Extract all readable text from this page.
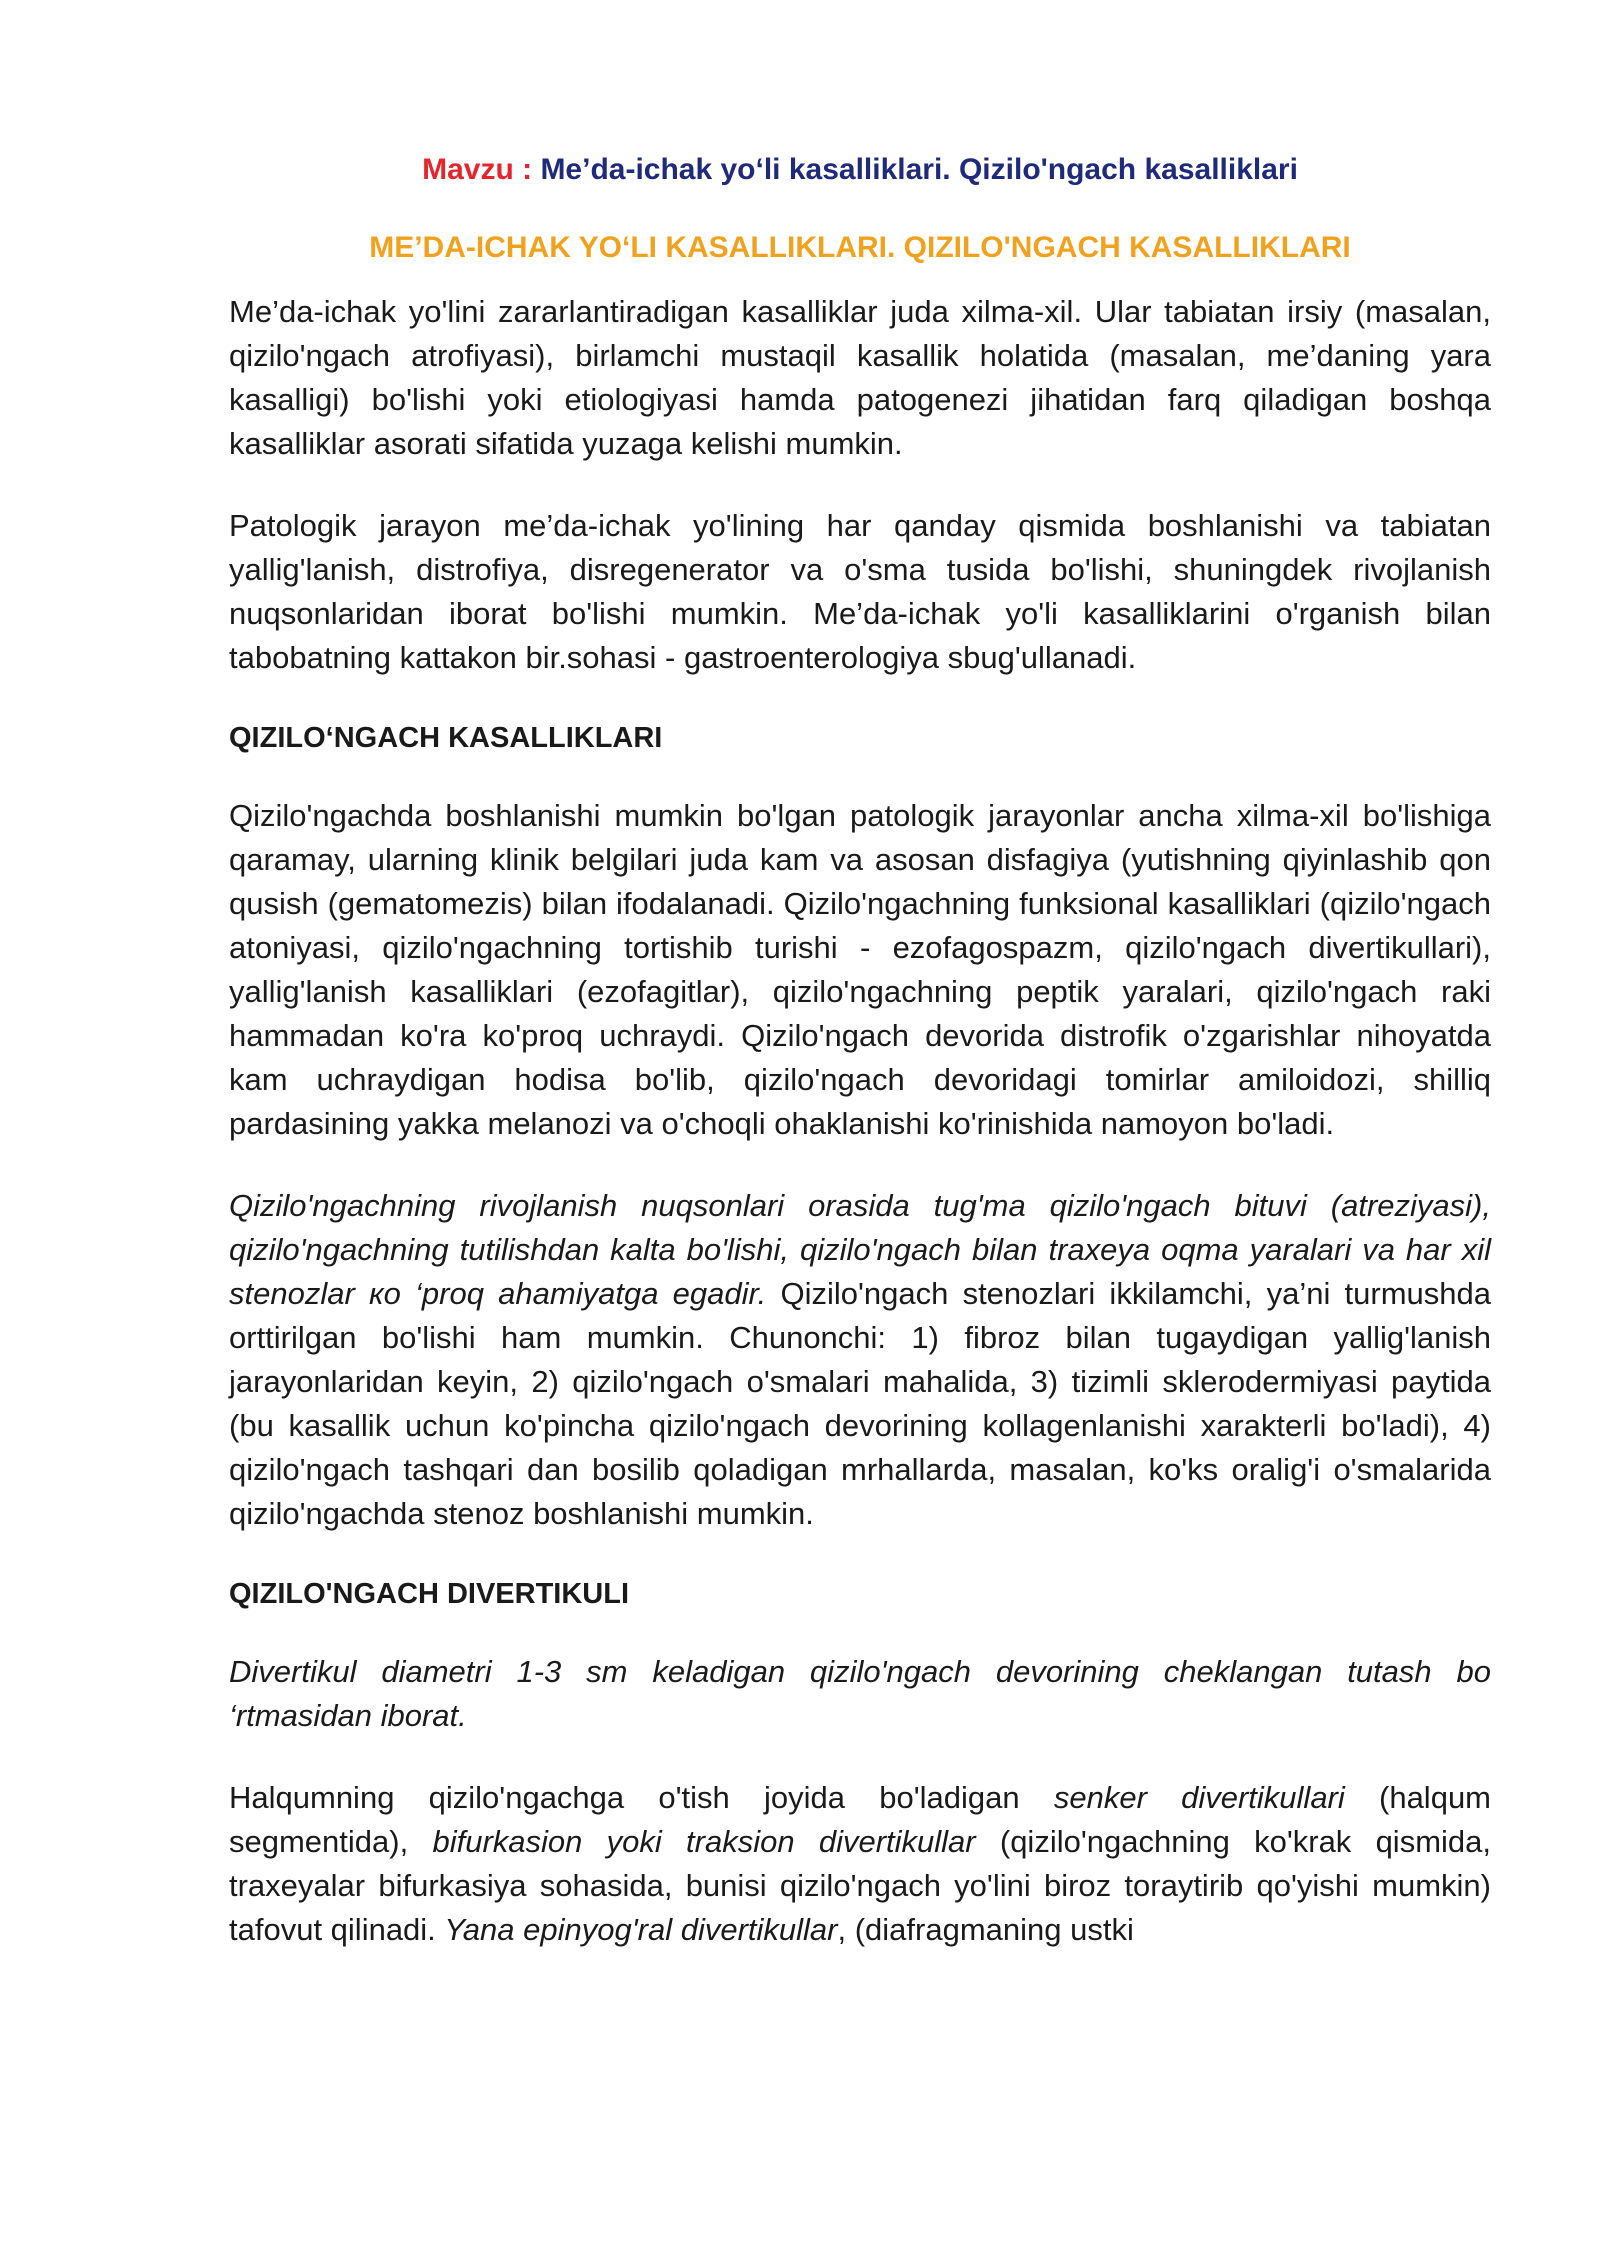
Mavzu : Me’da-ichak yo‘li kasalliklari. Qizilo'ngach kasalliklari

ME’DA-ICHAK YO‘LI KASALLIKLARI. QIZILO'NGACH KASALLIKLARI

Me’da-ichak yo'lini zararlantiradigan kasalliklar juda xilma-xil. Ular tabiatan irsiy (masalan, qizilo'ngach atrofiyasi), birlamchi mustaqil kasallik holatida (masalan, me’daning yara kasalligi) bo'lishi yoki etiologiyasi hamda patogenezi jihatidan farq qiladigan boshqa kasalliklar asorati sifatida yuzaga kelishi mumkin.

Patologik jarayon me’da-ichak yo'lining har qanday qismida boshlanishi va tabiatan yallig'lanish, distrofiya, disregenerator va o'sma tusida bo'lishi, shuningdek rivojlanish nuqsonlaridan iborat bo'lishi mumkin. Me’da-ichak yo'li kasalliklarini o'rganish bilan tabobatning kattakon bir.sohasi - gastroenterologiya sbug'ullanadi.

QIZILO‘NGACH KASALLIKLARI

Qizilo'ngachda boshlanishi mumkin bo'lgan patologik jarayonlar ancha xilma-xil bo'lishiga qaramay, ularning klinik belgilari juda kam va asosan disfagiya (yutishning qiyinlashib qon qusish (gematomezis) bilan ifodalanadi. Qizilo'ngachning funksional kasalliklari (qizilo'ngach atoniyasi, qizilo'ngachning tortishib turishi - ezofagospazm, qizilo'ngach divertikullari), yallig'lanish kasalliklari (ezofagitlar), qizilo'ngachning peptik yaralari, qizilo'ngach raki hammadan ko'ra ko'proq uchraydi. Qizilo'ngach devorida distrofik o'zgarishlar nihoyatda kam uchraydigan hodisa bo'lib, qizilo'ngach devoridagi tomirlar amiloidozi, shilliq pardasining yakka melanozi va o'choqli ohaklanishi ko'rinishida namoyon bo'ladi.

Qizilo'ngachning rivojlanish nuqsonlari orasida tug'ma qizilo'ngach bituvi (atreziyasi), qizilo'ngachning tutilishdan kalta bo'lishi, qizilo'ngach bilan traxeya oqma yaralari va har xil stenozlar ко ‘proq ahamiyatga egadir. Qizilo'ngach stenozlari ikkilamchi, ya’ni turmushda orttirilgan bo'lishi ham mumkin. Chunonchi: 1) fibroz bilan tugaydigan yallig'lanish jarayonlaridan keyin, 2) qizilo'ngach o'smalari mahalida, 3) tizimli sklerodermiyasi paytida (bu kasallik uchun ko'pincha qizilo'ngach devorining kollagenlanishi xarakterli bo'ladi), 4) qizilo'ngach tashqari dan bosilib qoladigan mrhallarda, masalan, ko'ks oralig'i o'smalarida qizilo'ngachda stenoz boshlanishi mumkin.

QIZILO'NGACH DIVERTIKULI

Divertikul diametri 1-3 sm keladigan qizilo'ngach devorining cheklangan tutash bo ‘rtmasidan iborat.

Halqumning qizilo'ngachga o'tish joyida bo'ladigan senker divertikullari (halqum segmentida), bifurkasion yoki traksion divertikullar (qizilo'ngachning ko'krak qismida, traxeyalar bifurkasiya sohasida, bunisi qizilo'ngach yo'lini biroz toraytirib qo'yishi mumkin) tafovut qilinadi. Yana epinyog'ral divertikullar, (diafragmaning ustki
